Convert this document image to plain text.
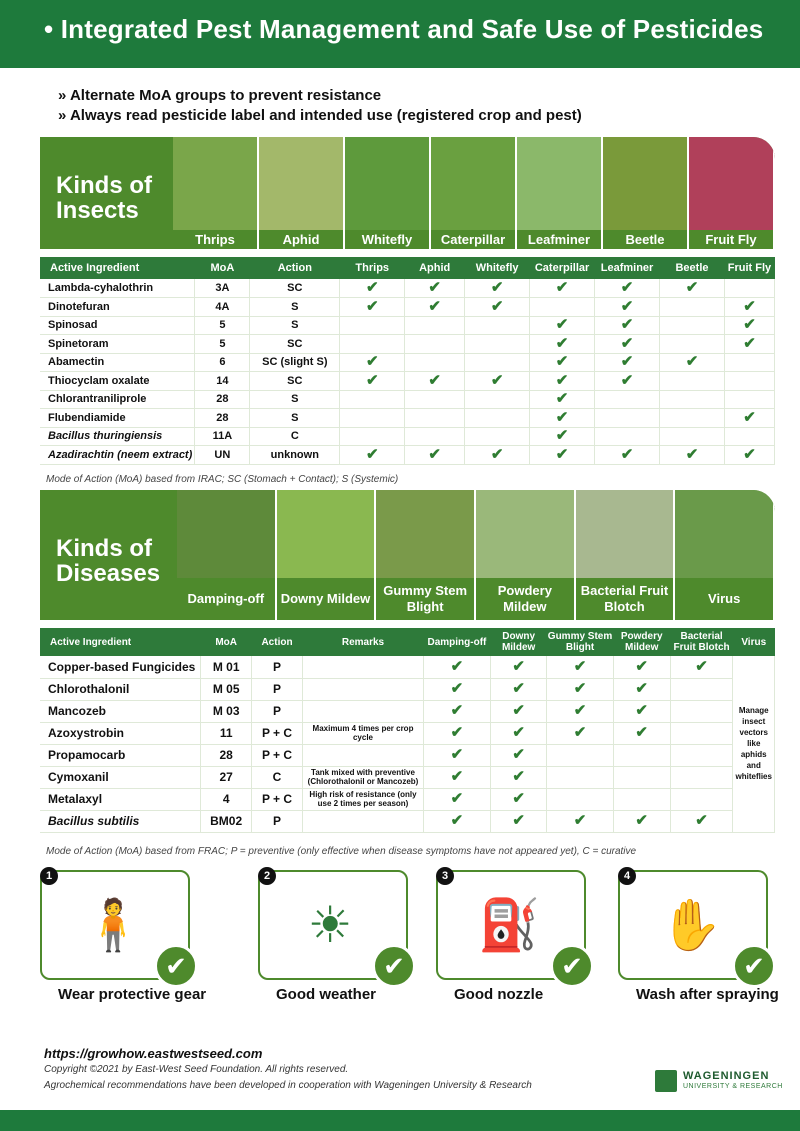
• Integrated Pest Management and Safe Use of Pesticides
» Alternate MoA groups to prevent resistance
» Always read pesticide label and intended use (registered crop and pest)
Kinds of
Insects
Thrips	Aphid	Whitefly	Caterpillar	Leafminer	Beetle	Fruit Fly
Active Ingredient	MoA	Action	Thrips	Aphid	Whitefly	Caterpillar	Leafminer	Beetle	Fruit Fly
Lambda-cyhalothrin	3A	SC	✔	✔	✔	✔	✔	✔	
Dinotefuran	4A	S	✔	✔	✔		✔		✔
Spinosad	5	S				✔	✔		✔
Spinetoram	5	SC				✔	✔		✔
Abamectin	6	SC (slight S)	✔			✔	✔	✔	
Thiocyclam oxalate	14	SC	✔	✔	✔	✔	✔		
Chlorantraniliprole	28	S				✔			
Flubendiamide	28	S				✔			✔
Bacillus thuringiensis	11A	C				✔			
Azadirachtin (neem extract)	UN	unknown	✔	✔	✔	✔	✔	✔	✔
Mode of Action (MoA) based from IRAC; SC (Stomach + Contact); S (Systemic)
Kinds of
Diseases
Damping-off	Downy Mildew
Gummy Stem Blight
Powdery Mildew
Bacterial Fruit Blotch
Virus
Active Ingredient	MoA	Action	Remarks	Damping-off	Downy Mildew	Gummy Stem Blight	Powdery Mildew	Bacterial Fruit Blotch	Virus
Copper-based Fungicides	M 01	P		✔	✔	✔	✔	✔	Manage insect vectors like aphids and whiteflies
Chlorothalonil	M 05	P		✔	✔	✔	✔		
Mancozeb	M 03	P		✔	✔	✔	✔		
Azoxystrobin	11	P + C	Maximum 4 times per crop cycle	✔	✔	✔	✔		
Propamocarb	28	P + C		✔	✔				
Cymoxanil	27	C	Tank mixed with preventive (Chlorothalonil or Mancozeb)	✔	✔				
Metalaxyl	4	P + C	High risk of resistance (only use 2 times per season)	✔	✔				
Bacillus subtilis	BM02	P		✔	✔	✔	✔	✔	
Mode of Action (MoA) based from FRAC; P = preventive (only effective when disease symptoms have not appeared yet), C = curative
🧍
✔
1
Wear protective gear
☀
✔
2
Good weather
⛽
✔
3
Good nozzle
✋
✔
4
Wash after spraying
https://growhow.eastwestseed.com
Copyright ©2021 by East-West Seed Foundation. All rights reserved.
Agrochemical recommendations have been developed in cooperation with Wageningen University & Research
WAGENINGEN
UNIVERSITY & RESEARCH
